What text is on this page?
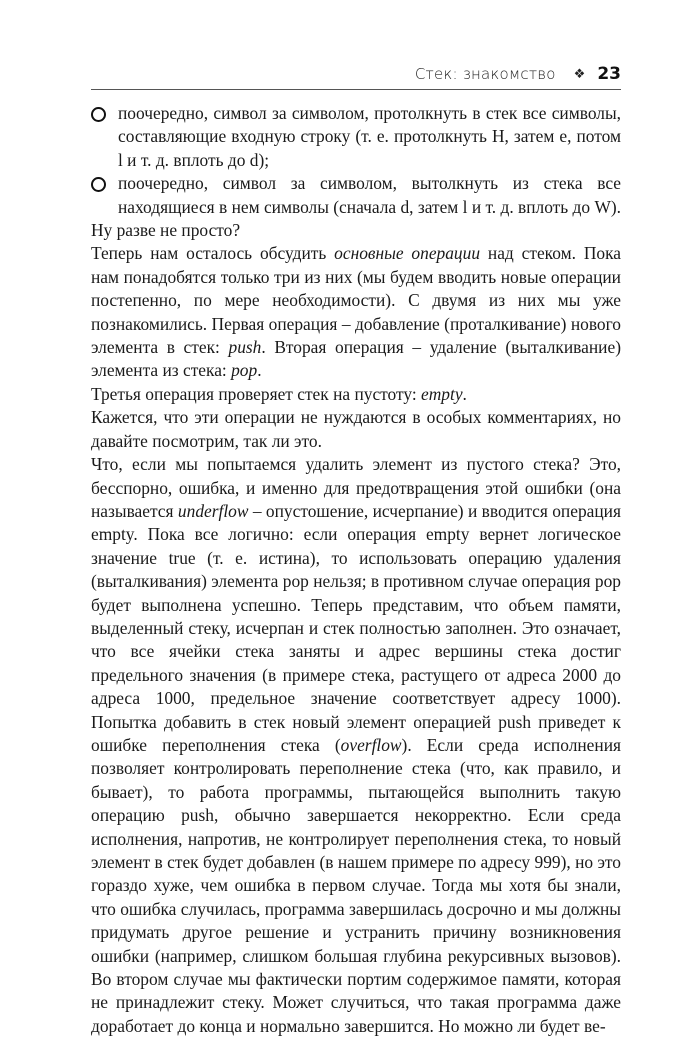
Стек: знакомство ❖ 23
поочередно, символ за символом, протолкнуть в стек все символы, составляющие входную строку (т. е. протолкнуть H, затем e, потом l и т. д. вплоть до d);
поочередно, символ за символом, вытолкнуть из стека все находящиеся в нем символы (сначала d, затем l и т. д. вплоть до W).

Ну разве не просто?

Теперь нам осталось обсудить основные операции над стеком. Пока нам понадобятся только три из них (мы будем вводить новые операции постепенно, по мере необходимости). С двумя из них мы уже познакомились. Первая операция – добавление (проталкивание) нового элемента в стек: push. Вторая операция – удаление (выталкивание) элемента из стека: pop.

Третья операция проверяет стек на пустоту: empty.

Кажется, что эти операции не нуждаются в особых комментариях, но давайте посмотрим, так ли это.

Что, если мы попытаемся удалить элемент из пустого стека? Это, бесспорно, ошибка, и именно для предотвращения этой ошибки (она называется underflow – опустошение, исчерпание) и вводится операция empty. Пока все логично: если операция empty вернет логическое значение true (т. е. истина), то использовать операцию удаления (выталкивания) элемента pop нельзя; в противном случае операция pop будет выполнена успешно. Теперь представим, что объем памяти, выделенный стеку, исчерпан и стек полностью заполнен. Это означает, что все ячейки стека заняты и адрес вершины стека достиг предельного значения (в примере стека, растущего от адреса 2000 до адреса 1000, предельное значение соответствует адресу 1000). Попытка добавить в стек новый элемент операцией push приведет к ошибке переполнения стека (overflow). Если среда исполнения позволяет контролировать переполнение стека (что, как правило, и бывает), то работа программы, пытающейся выполнить такую операцию push, обычно завершается некорректно. Если среда исполнения, напротив, не контролирует переполнения стека, то новый элемент в стек будет добавлен (в нашем примере по адресу 999), но это гораздо хуже, чем ошибка в первом случае. Тогда мы хотя бы знали, что ошибка случилась, программа завершилась досрочно и мы должны придумать другое решение и устранить причину возникновения ошибки (например, слишком большая глубина рекурсивных вызовов). Во втором случае мы фактически портим содержимое памяти, которая не принадлежит стеку. Может случиться, что такая программа даже доработает до конца и нормально завершится. Но можно ли будет ве-
